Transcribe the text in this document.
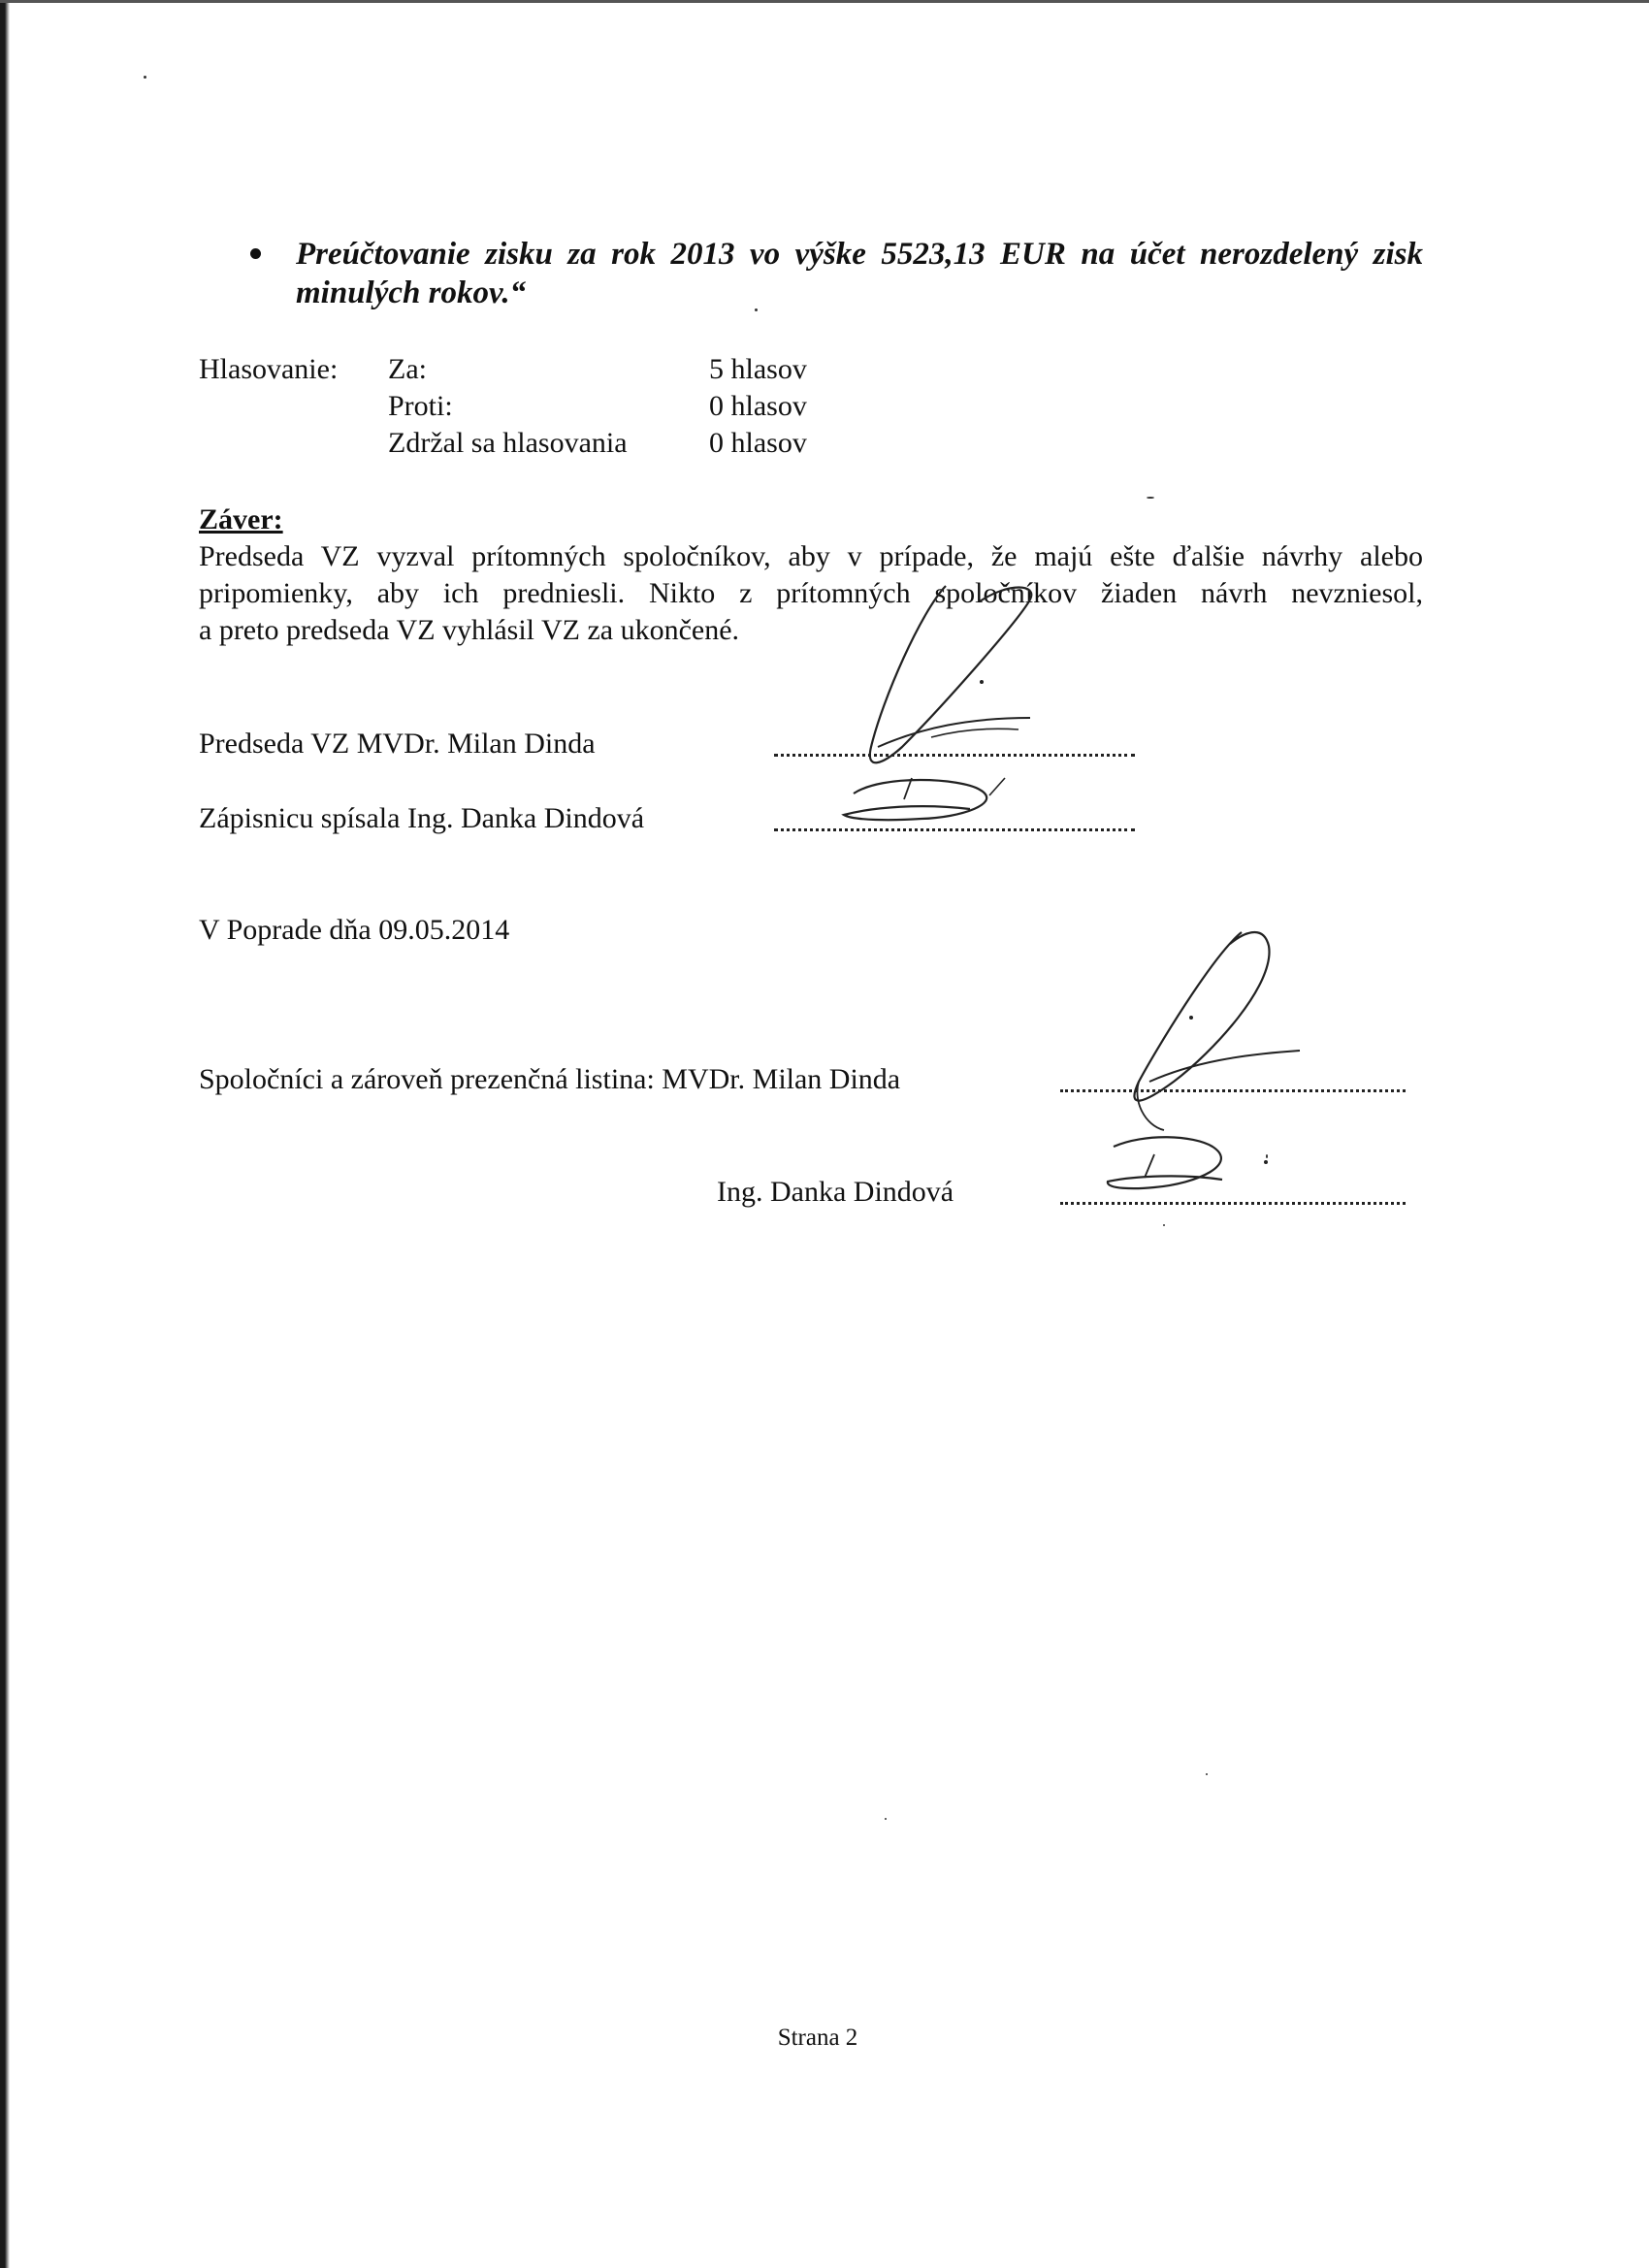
Preúčtovanie zisku za rok 2013 vo výške 5523,13 EUR na účet nerozdelený zisk
minulých rokov.“
Hlasovanie: Za:	5 hlasov
Proti:	0 hlasov
Zdržal sa hlasovania	0 hlasov
Záver:
Predseda VZ vyzval prítomných spoločníkov, aby v prípade, že majú ešte ďalšie návrhy alebo
pripomienky, aby ich predniesli. Nikto z prítomných spoločníkov žiaden návrh nevzniesol,
a preto predseda VZ vyhlásil VZ za ukončené.
Predseda VZ MVDr. Milan Dinda
Zápisnicu spísala Ing. Danka Dindová
V Poprade dňa 09.05.2014
Spoločníci a zároveň prezenčná listina: MVDr. Milan Dinda
Ing. Danka Dindová
Strana 2
